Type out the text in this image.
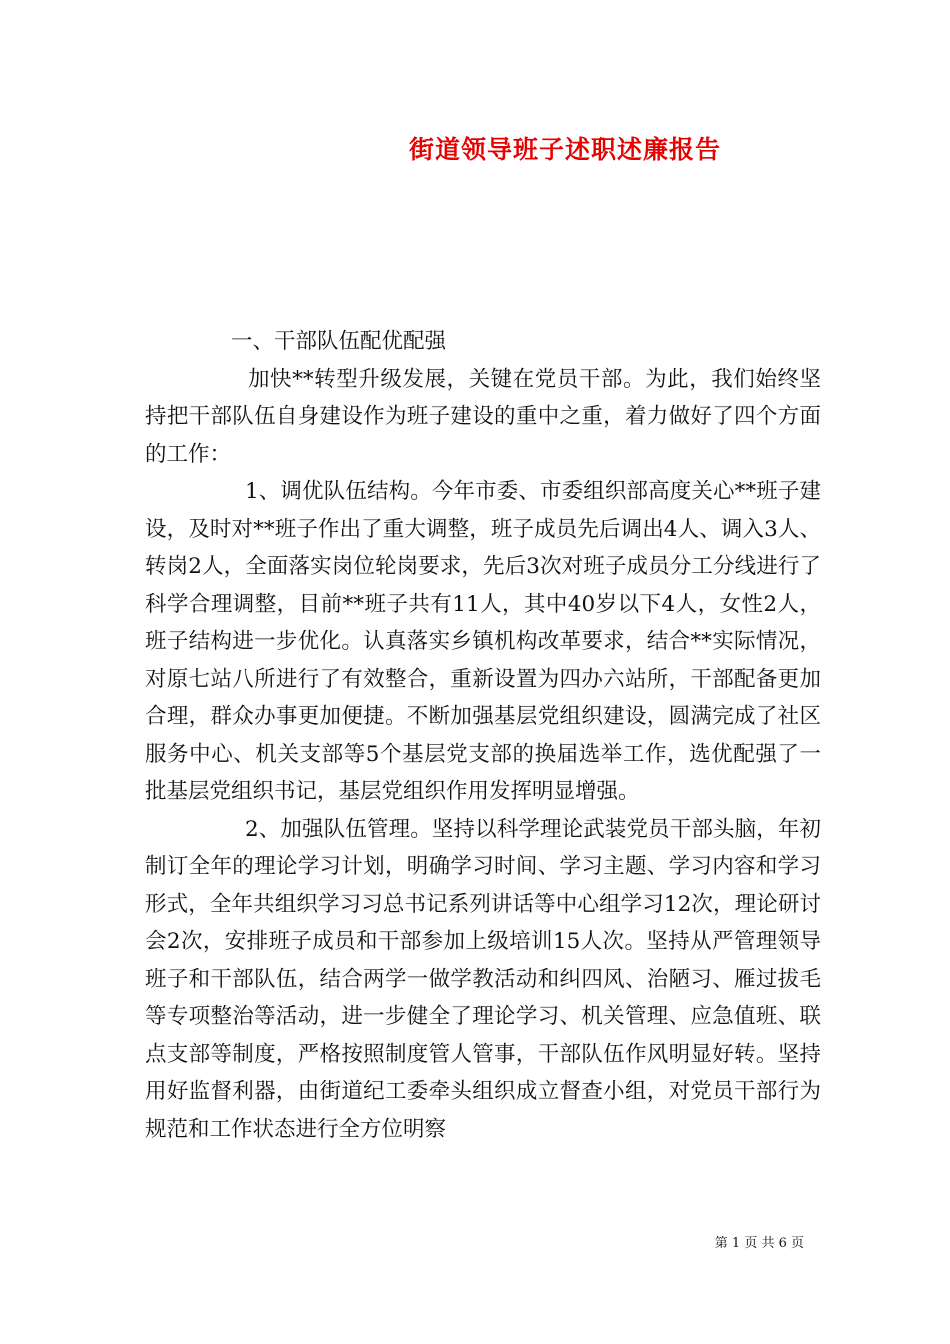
街道领导班子述职述廉报告

一、干部队伍配优配强

加快**转型升级发展，关键在党员干部。为此，我们始终坚持把干部队伍自身建设作为班子建设的重中之重，着力做好了四个方面的工作：

1、调优队伍结构。今年市委、市委组织部高度关心**班子建设，及时对**班子作出了重大调整，班子成员先后调出4人、调入3人、转岗2人，全面落实岗位轮岗要求，先后3次对班子成员分工分线进行了科学合理调整，目前**班子共有11人，其中40岁以下4人，女性2人，班子结构进一步优化。认真落实乡镇机构改革要求，结合**实际情况，对原七站八所进行了有效整合，重新设置为四办六站所，干部配备更加合理，群众办事更加便捷。不断加强基层党组织建设，圆满完成了社区服务中心、机关支部等5个基层党支部的换届选举工作，选优配强了一批基层党组织书记，基层党组织作用发挥明显增强。

2、加强队伍管理。坚持以科学理论武装党员干部头脑，年初制订全年的理论学习计划，明确学习时间、学习主题、学习内容和学习形式，全年共组织学习习总书记系列讲话等中心组学习12次，理论研讨会2次，安排班子成员和干部参加上级培训15人次。坚持从严管理领导班子和干部队伍，结合两学一做学教活动和纠四风、治陋习、雁过拔毛等专项整治等活动，进一步健全了理论学习、机关管理、应急值班、联点支部等制度，严格按照制度管人管事，干部队伍作风明显好转。坚持用好监督利器，由街道纪工委牵头组织成立督查小组，对党员干部行为规范和工作状态进行全方位明察

第 1 页 共 6 页
